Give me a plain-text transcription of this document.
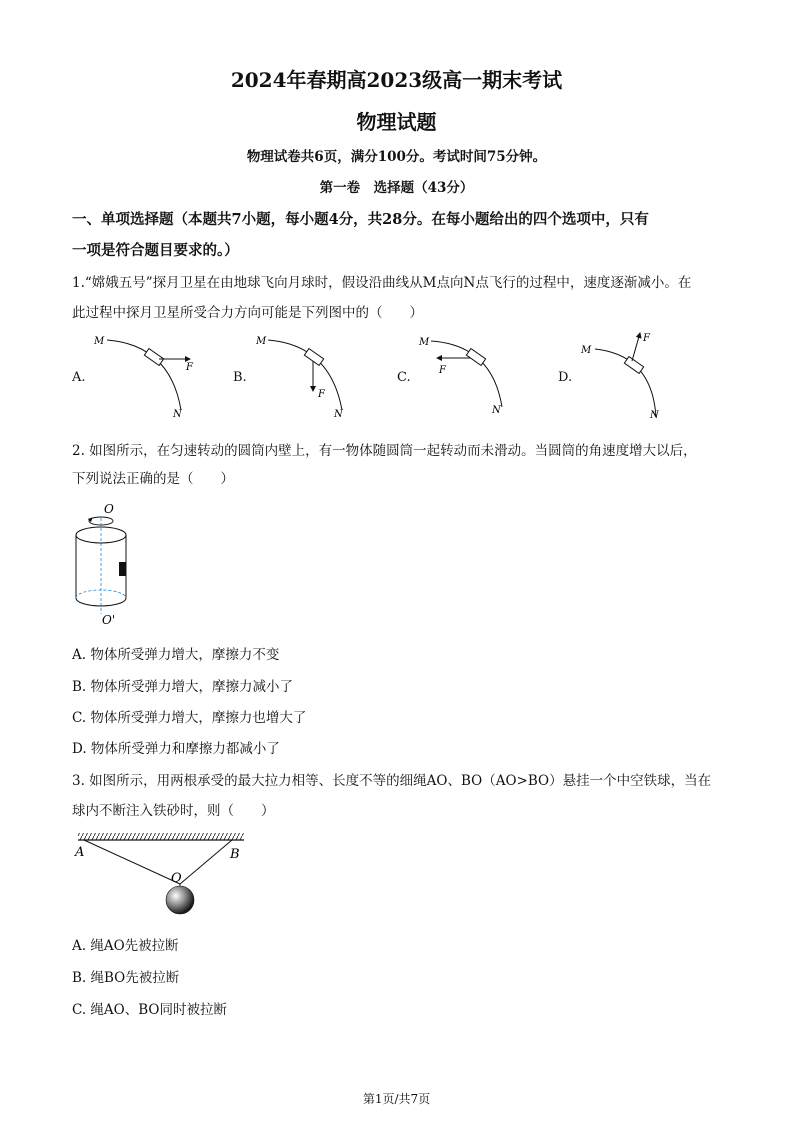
2024年春期高2023级高一期末考试
物理试题
物理试卷共6页，满分100分。考试时间75分钟。
第一卷　选择题（43分）
一、单项选择题（本题共7小题，每小题4分，共28分。在每小题给出的四个选项中，只有
一项是符合题目要求的。）
1.“嫦娥五号”探月卫星在由地球飞向月球时，假设沿曲线从M点向N点飞行的过程中，速度逐渐减小。在
此过程中探月卫星所受合力方向可能是下列图中的（　　）
A.	B.	C.	D.
M
N
F
M
N
F
M
N
F
M
N
F
2. 如图所示，在匀速转动的圆筒内壁上，有一物体随圆筒一起转动而未滑动。当圆筒的角速度增大以后，
下列说法正确的是（　　）
O
O'
A. 物体所受弹力增大，摩擦力不变
B. 物体所受弹力增大，摩擦力减小了
C. 物体所受弹力增大，摩擦力也增大了
D. 物体所受弹力和摩擦力都减小了
3. 如图所示，用两根承受的最大拉力相等、长度不等的细绳AO、BO（AO>BO）悬挂一个中空铁球，当在
球内不断注入铁砂时，则（　　）
A	B
O
A. 绳AO先被拉断
B. 绳BO先被拉断
C. 绳AO、BO同时被拉断
第1页/共7页
